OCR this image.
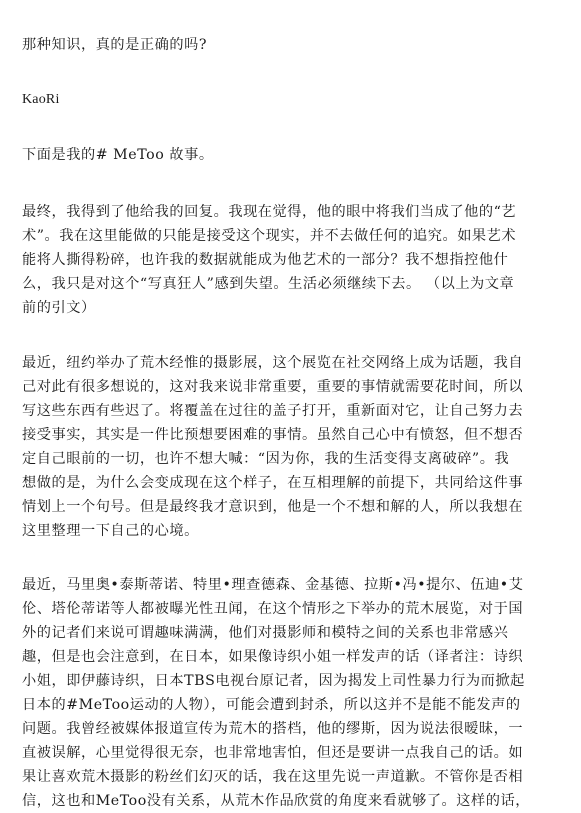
那种知识，真的是正确的吗?
KaoRi
下面是我的# MeToo 故事。
最终，我得到了他给我的回复。我现在觉得，他的眼中将我们当成了他的“艺
术”。我在这里能做的只能是接受这个现实，并不去做任何的追究。如果艺术
能将人撕得粉碎，也许我的数据就能成为他艺术的一部分？我不想指控他什
么，我只是对这个“写真狂人”感到失望。生活必须继续下去。 （以上为文章
前的引文）
最近，纽约举办了荒木经惟的摄影展，这个展览在社交网络上成为话题，我自
己对此有很多想说的，这对我来说非常重要，重要的事情就需要花时间，所以
写这些东西有些迟了。将覆盖在过往的盖子打开，重新面对它，让自己努力去
接受事实，其实是一件比预想要困难的事情。虽然自己心中有愤怒，但不想否
定自己眼前的一切，也许不想大喊：“因为你，我的生活变得支离破碎”。我
想做的是，为什么会变成现在这个样子，在互相理解的前提下，共同给这件事
情划上一个句号。但是最终我才意识到，他是一个不想和解的人，所以我想在
这里整理一下自己的心境。
最近，马里奥•泰斯蒂诺、特里•理查德森、金基德、拉斯•冯•提尔、伍迪•艾
伦、塔伦蒂诺等人都被曝光性丑闻，在这个情形之下举办的荒木展览，对于国
外的记者们来说可谓趣味满满，他们对摄影师和模特之间的关系也非常感兴
趣，但是也会注意到，在日本，如果像诗织小姐一样发声的话（译者注：诗织
小姐，即伊藤诗织，日本TBS电视台原记者，因为揭发上司性暴力行为而掀起
日本的#MeToo运动的人物），可能会遭到封杀，所以这并不是能不能发声的
问题。我曾经被媒体报道宣传为荒木的搭档，他的缪斯，因为说法很暧昧，一
直被误解，心里觉得很无奈，也非常地害怕，但还是要讲一点我自己的话。如
果让喜欢荒木摄影的粉丝们幻灭的话，我在这里先说一声道歉。不管你是否相
信，这也和MeToo没有关系，从荒木作品欣赏的角度来看就够了。这样的话，
